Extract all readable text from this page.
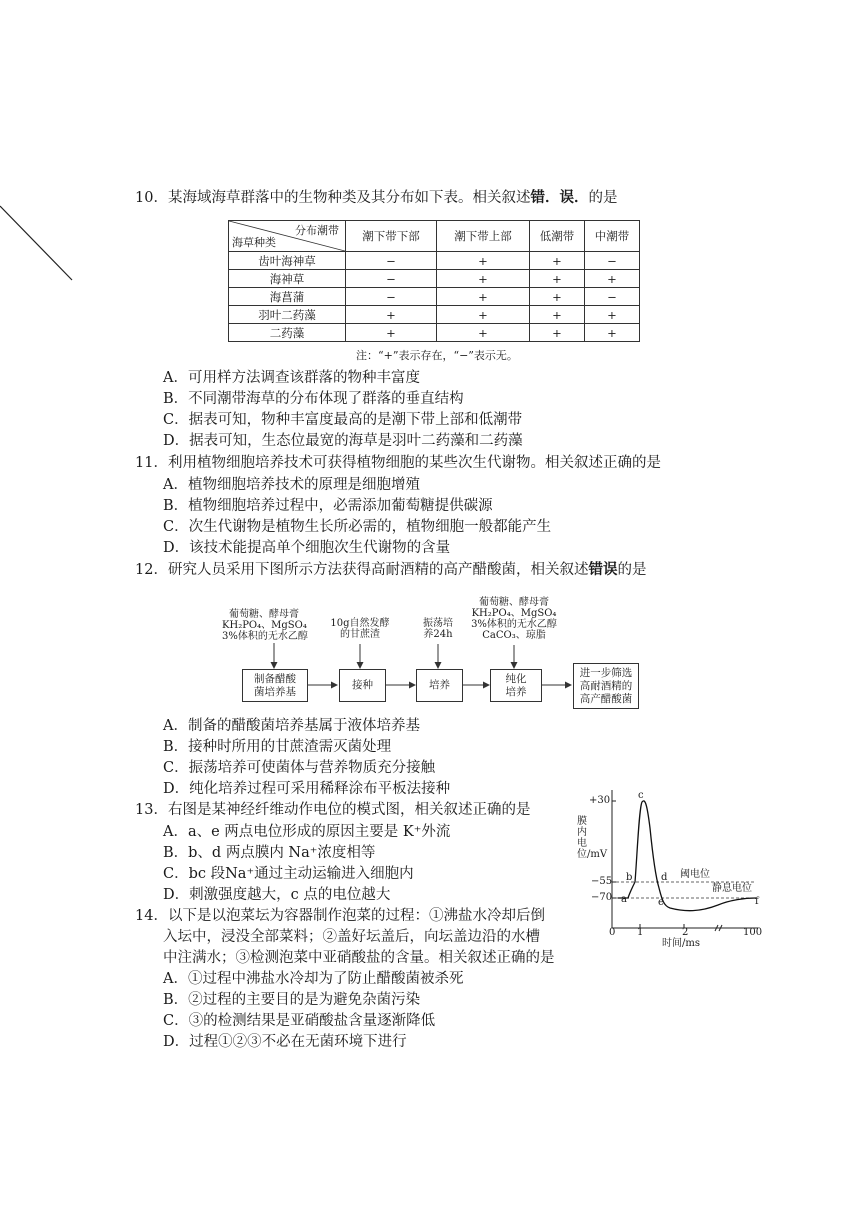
10．某海域海草群落中的生物种类及其分布如下表。相关叙述错．误．的是
分布潮带
海草种类	潮下带下部	潮下带上部	低潮带	中潮带
齿叶海神草	−	+	+	−
海神草	−	+	+	+
海菖蒲	−	+	+	−
羽叶二药藻	+	+	+	+
二药藻	+	+	+	+
注：“+”表示存在，“−”表示无。
A．可用样方法调查该群落的物种丰富度
B．不同潮带海草的分布体现了群落的垂直结构
C．据表可知，物种丰富度最高的是潮下带上部和低潮带
D．据表可知，生态位最宽的海草是羽叶二药藻和二药藻
11．利用植物细胞培养技术可获得植物细胞的某些次生代谢物。相关叙述正确的是
A．植物细胞培养技术的原理是细胞增殖
B．植物细胞培养过程中，必需添加葡萄糖提供碳源
C．次生代谢物是植物生长所必需的，植物细胞一般都能产生
D．该技术能提高单个细胞次生代谢物的含量
12．研究人员采用下图所示方法获得高耐酒精的高产醋酸菌，相关叙述错误的是
葡萄糖、酵母膏
KH₂PO₄、MgSO₄
3%体积的无水乙醇
10g自然发酵
的甘蔗渣
振荡培
养24h
葡萄糖、酵母膏
KH₂PO₄、MgSO₄
3%体积的无水乙醇
CaCO₃、琼脂
制备醋酸
菌培养基
接种	培养
纯化
培养
进一步筛选
高耐酒精的
高产醋酸菌
A．制备的醋酸菌培养基属于液体培养基
B．接种时所用的甘蔗渣需灭菌处理
C．振荡培养可使菌体与营养物质充分接触
D．纯化培养过程可采用稀释涂布平板法接种
13．右图是某神经纤维动作电位的模式图，相关叙述正确的是
A．a、e 两点电位形成的原因主要是 K⁺外流
B．b、d 两点膜内 Na⁺浓度相等
C．bc 段Na⁺通过主动运输进入细胞内
D．刺激强度越大，c 点的电位越大
14．以下是以泡菜坛为容器制作泡菜的过程：①沸盐水冷却后倒
入坛中，浸没全部菜料；②盖好坛盖后，向坛盖边沿的水槽
中注满水；③检测泡菜中亚硝酸盐的含量。相关叙述正确的是
A．①过程中沸盐水冷却为了防止醋酸菌被杀死
B．②过程的主要目的是为避免杂菌污染
C．③的检测结果是亚硝酸盐含量逐渐降低
D．过程①②③不必在无菌环境下进行
膜内电位/mV
+30
−55
−70
0 1	2	100
时间/ms
阈电位
静息电位
a
b
c
d
e	f
